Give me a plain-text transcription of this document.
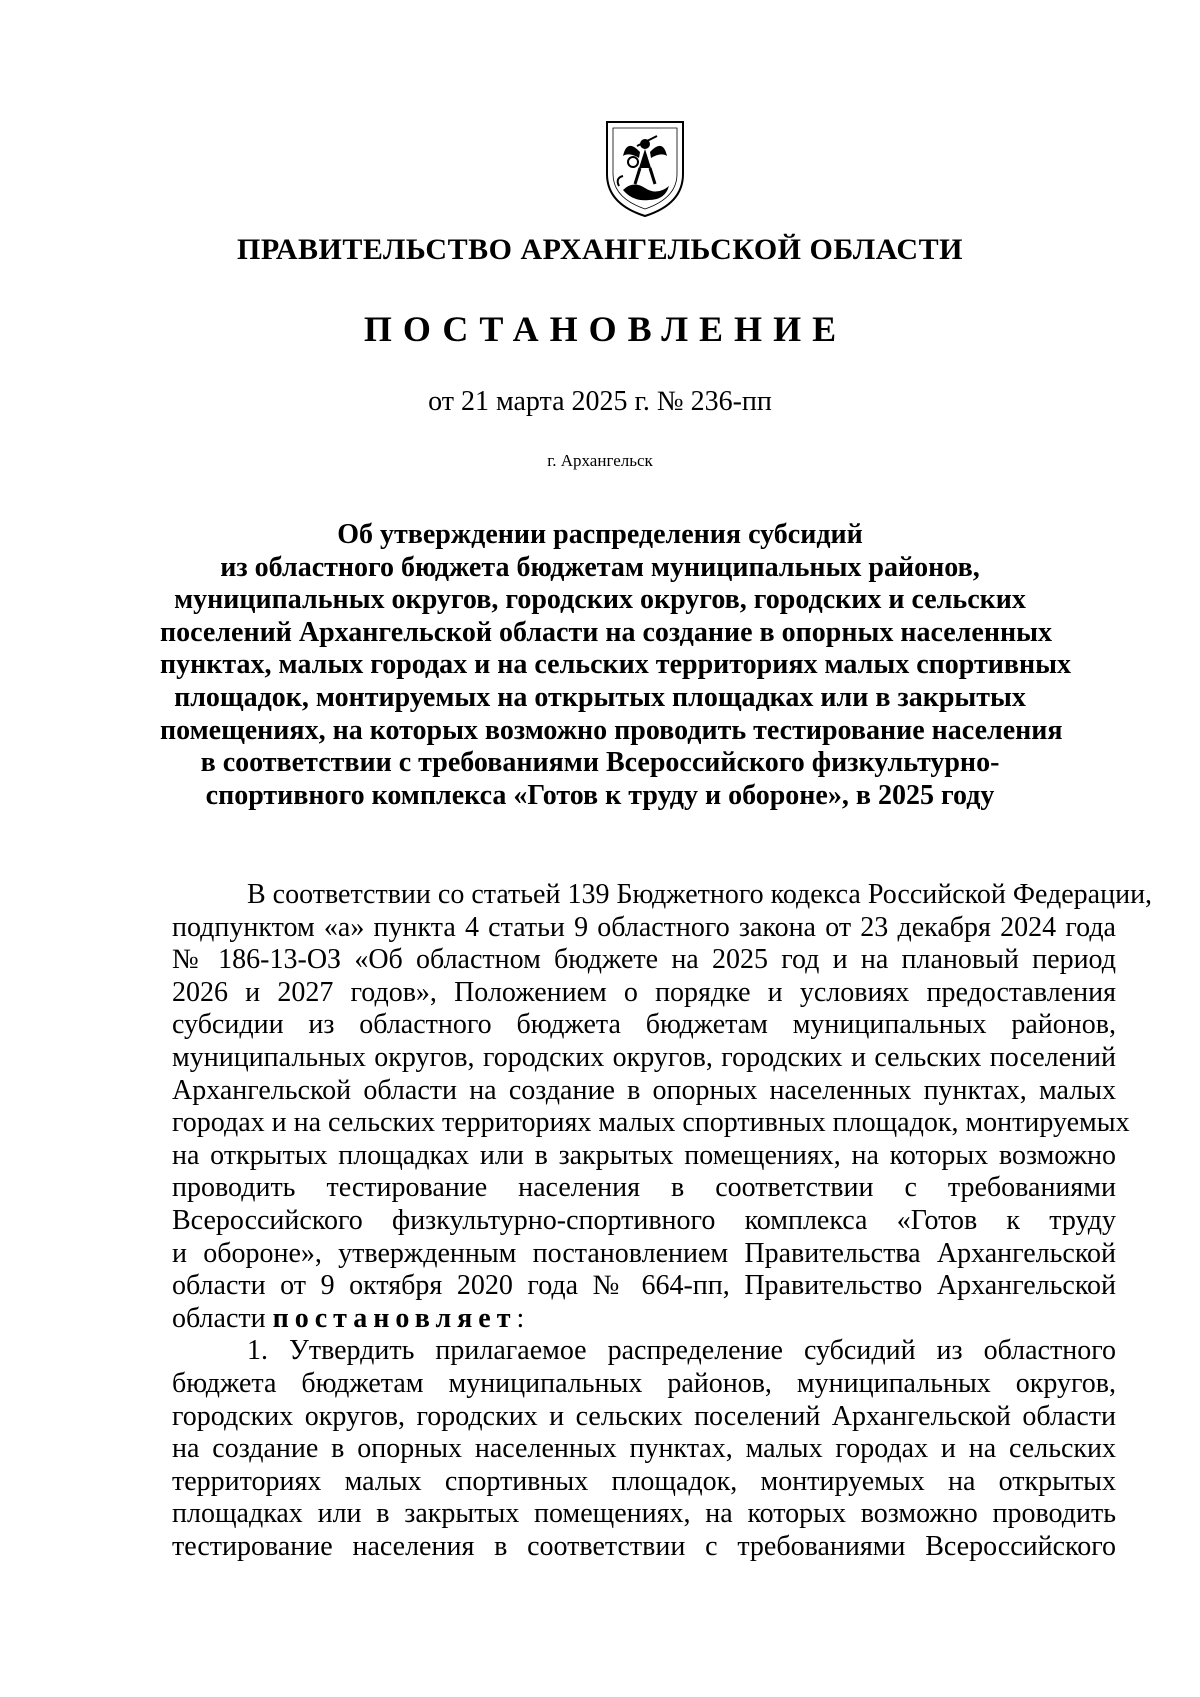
ПРАВИТЕЛЬСТВО АРХАНГЕЛЬСКОЙ ОБЛАСТИ
ПОСТАНОВЛЕНИЕ
от 21 марта 2025 г. № 236-пп
г. Архангельск
Об утверждении распределения субсидий
из областного бюджета бюджетам муниципальных районов,
муниципальных округов, городских округов, городских и сельских
поселений Архангельской области на создание в опорных населенных
пунктах, малых городах и на сельских территориях малых спортивных
площадок, монтируемых на открытых площадках или в закрытых
помещениях, на которых возможно проводить тестирование населения
в соответствии с требованиями Всероссийского физкультурно-
спортивного комплекса «Готов к труду и обороне», в 2025 году
В соответствии со статьей 139 Бюджетного кодекса Российской Федерации,
подпунктом «а» пункта 4 статьи 9 областного закона от 23 декабря 2024 года
№ 186-13-ОЗ «Об областном бюджете на 2025 год и на плановый период
2026 и 2027 годов», Положением о порядке и условиях предоставления
субсидии из областного бюджета бюджетам муниципальных районов,
муниципальных округов, городских округов, городских и сельских поселений
Архангельской области на создание в опорных населенных пунктах, малых
городах и на сельских территориях малых спортивных площадок, монтируемых
на открытых площадках или в закрытых помещениях, на которых возможно
проводить тестирование населения в соответствии с требованиями
Всероссийского физкультурно-спортивного комплекса «Готов к труду
и обороне», утвержденным постановлением Правительства Архангельской
области от 9 октября 2020 года № 664-пп, Правительство Архангельской
области постановляет:
1. Утвердить прилагаемое распределение субсидий из областного
бюджета бюджетам муниципальных районов, муниципальных округов,
городских округов, городских и сельских поселений Архангельской области
на создание в опорных населенных пунктах, малых городах и на сельских
территориях малых спортивных площадок, монтируемых на открытых
площадках или в закрытых помещениях, на которых возможно проводить
тестирование населения в соответствии с требованиями Всероссийского
